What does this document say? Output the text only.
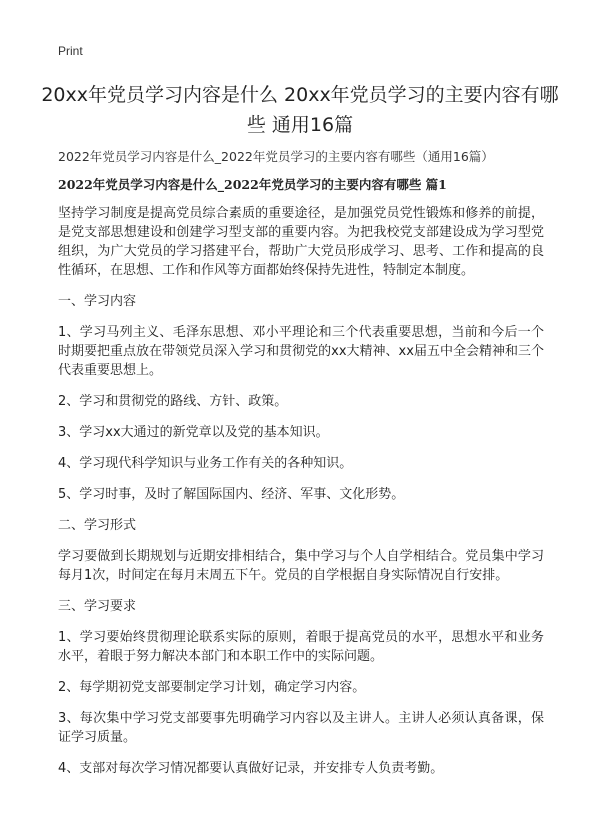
Print
20xx年党员学习内容是什么 20xx年党员学习的主要内容有哪些 通用16篇

2022年党员学习内容是什么_2022年党员学习的主要内容有哪些（通用16篇）

2022年党员学习内容是什么_2022年党员学习的主要内容有哪些 篇1

坚持学习制度是提高党员综合素质的重要途径，是加强党员党性锻炼和修养的前提，是党支部思想建设和创建学习型支部的重要内容。为把我校党支部建设成为学习型党组织，为广大党员的学习搭建平台，帮助广大党员形成学习、思考、工作和提高的良性循环，在思想、工作和作风等方面都始终保持先进性，特制定本制度。

一、学习内容

1、学习马列主义、毛泽东思想、邓小平理论和三个代表重要思想，当前和今后一个时期要把重点放在带领党员深入学习和贯彻党的xx大精神、xx届五中全会精神和三个代表重要思想上。

2、学习和贯彻党的路线、方针、政策。

3、学习xx大通过的新党章以及党的基本知识。

4、学习现代科学知识与业务工作有关的各种知识。

5、学习时事，及时了解国际国内、经济、军事、文化形势。

二、学习形式

学习要做到长期规划与近期安排相结合，集中学习与个人自学相结合。党员集中学习每月1次，时间定在每月末周五下午。党员的自学根据自身实际情况自行安排。

三、学习要求

1、学习要始终贯彻理论联系实际的原则，着眼于提高党员的水平，思想水平和业务水平，着眼于努力解决本部门和本职工作中的实际问题。

2、每学期初党支部要制定学习计划，确定学习内容。

3、每次集中学习党支部要事先明确学习内容以及主讲人。主讲人必须认真备课，保证学习质量。

4、支部对每次学习情况都要认真做好记录，并安排专人负责考勤。
